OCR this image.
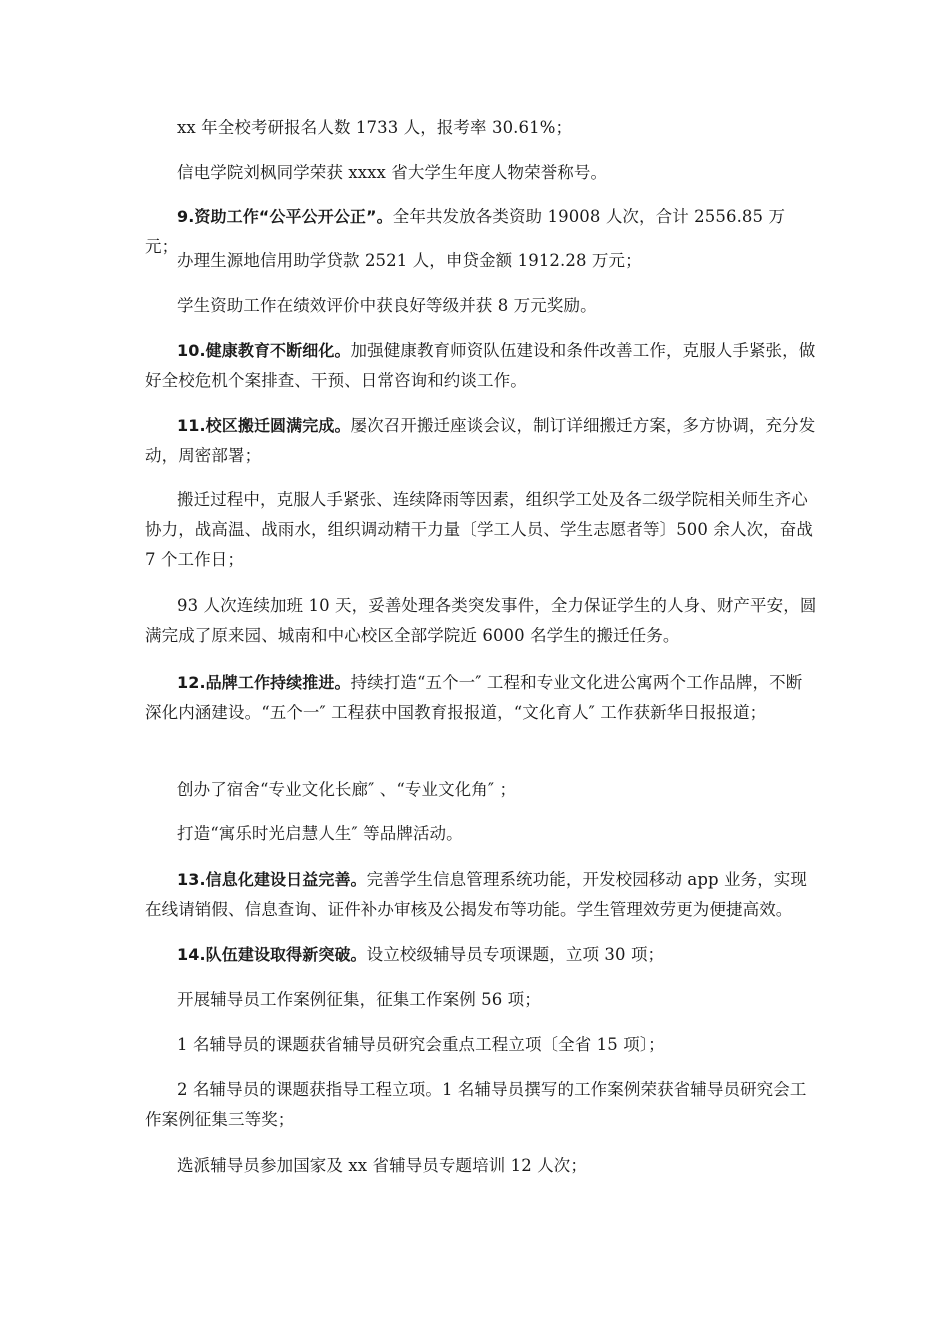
xx 年全校考研报名人数 1733 人，报考率 30.61%；

信电学院刘枫同学荣获 xxxx 省大学生年度人物荣誉称号。

9.资助工作“公平公开公正”。全年共发放各类资助 19008 人次，合计 2556.85 万元；

办理生源地信用助学贷款 2521 人，申贷金额 1912.28 万元；

学生资助工作在绩效评价中获良好等级并获 8 万元奖励。

10.健康教育不断细化。加强健康教育师资队伍建设和条件改善工作，克服人手紧张，做好全校危机个案排查、干预、日常咨询和约谈工作。

11.校区搬迁圆满完成。屡次召开搬迁座谈会议，制订详细搬迁方案，多方协调，充分发动，周密部署；

搬迁过程中，克服人手紧张、连续降雨等因素，组织学工处及各二级学院相关师生齐心协力，战高温、战雨水，组织调动精干力量〔学工人员、学生志愿者等〕500 余人次，奋战 7 个工作日；

93 人次连续加班 10 天，妥善处理各类突发事件，全力保证学生的人身、财产平安，圆满完成了原来园、城南和中心校区全部学院近 6000 名学生的搬迁任务。

12.品牌工作持续推进。持续打造“五个一″ 工程和专业文化进公寓两个工作品牌，不断深化内涵建设。“五个一″ 工程获中国教育报报道，“文化育人″ 工作获新华日报报道；

创办了宿舍“专业文化长廊″ 、“专业文化角″ ；

打造“寓乐时光启慧人生″ 等品牌活动。

13.信息化建设日益完善。完善学生信息管理系统功能，开发校园移动 app 业务，实现在线请销假、信息查询、证件补办审核及公揭发布等功能。学生管理效劳更为便捷高效。

14.队伍建设取得新突破。设立校级辅导员专项课题，立项 30 项；

开展辅导员工作案例征集，征集工作案例 56 项；

1 名辅导员的课题获省辅导员研究会重点工程立项〔全省 15 项〕；

2 名辅导员的课题获指导工程立项。1 名辅导员撰写的工作案例荣获省辅导员研究会工作案例征集三等奖；

选派辅导员参加国家及 xx 省辅导员专题培训 12 人次；
